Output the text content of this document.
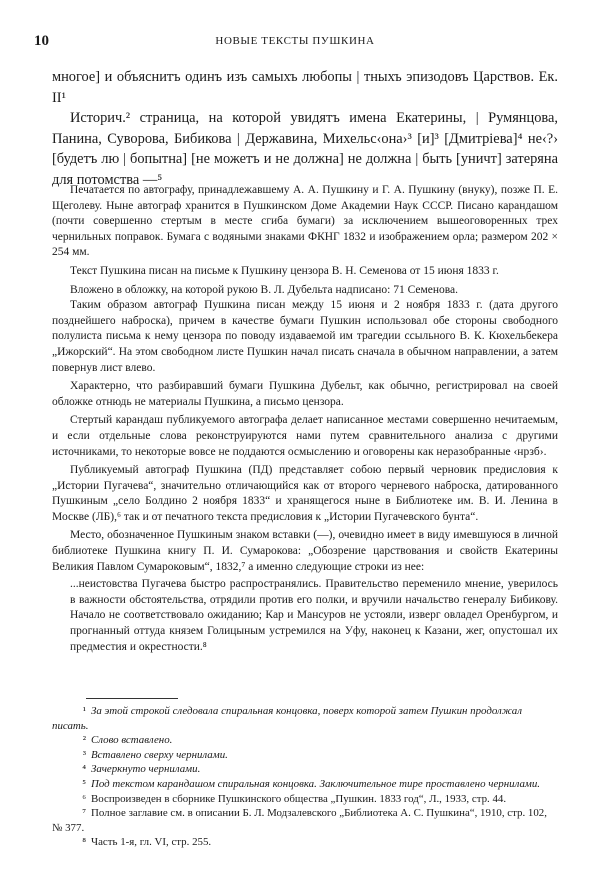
10	НОВЫЕ ТЕКСТЫ ПУШКИНА

многое] и объяснитъ одинъ изъ самыхъ любопы | тныхъ эпизодовъ Царствов. Ек. II¹

Историч.² страница, на которой увидятъ имена Екатерины, | Румянцова, Панина, Суворова, Бибикова | Державина, Михельс‹она›³ [и]³ [Дмитріева]⁴ не‹?› [будетъ лю | бопытна] [не можетъ и не должна] не должна | быть [уничт] затеряна для потомства —⁵

Печатается по автографу, принадлежавшему А. А. Пушкину и Г. А. Пушкину (внуку), позже П. Е. Щеголеву. Ныне автограф хранится в Пушкинском Доме Академии Наук СССР. Писано карандашом (почти совершенно стертым в месте сгиба бумаги) за исключением вышеоговоренных трех чернильных поправок. Бумага с водяными знаками ФКНГ 1832 и изображением орла; размером 202 × 254 мм.

Текст Пушкина писан на письме к Пушкину цензора В. Н. Семенова от 15 июня 1833 г.

Вложено в обложку, на которой рукою В. Л. Дубельта надписано: 71 Семенова.

Таким образом автограф Пушкина писан между 15 июня и 2 ноября 1833 г. (дата другого позднейшего наброска), причем в качестве бумаги Пушкин использовал обе стороны свободного полулиста письма к нему цензора по поводу издаваемой им трагедии ссыльного В. К. Кюхельбекера „Ижорский“. На этом свободном листе Пушкин начал писать сначала в обычном направлении, а затем повернув лист влево.

Характерно, что разбиравший бумаги Пушкина Дубельт, как обычно, регистрировал на своей обложке отнюдь не материалы Пушкина, а письмо цензора.

Стертый карандаш публикуемого автографа делает написанное местами совершенно нечитаемым, и если отдельные слова реконструируются нами путем сравнительного анализа с другими источниками, то некоторые вовсе не поддаются осмыслению и оговорены как неразобранные ‹нрзб›.

Публикуемый автограф Пушкина (ПД) представляет собою первый черновик предисловия к „Истории Пугачева“, значительно отличающийся как от второго черневого наброска, датированного Пушкиным „село Болдино 2 ноября 1833“ и хранящегося ныне в Библиотеке им. В. И. Ленина в Москве (ЛБ),⁶ так и от печатного текста предисловия к „Истории Пугачевского бунта“.

Место, обозначенное Пушкиным знаком вставки (—), очевидно имеет в виду имевшуюся в личной библиотеке Пушкина книгу П. И. Сумарокова: „Обозрение царствования и свойств Екатерины Великия Павлом Сумароковым“, 1832,⁷ а именно следующие строки из нее:

...неистовства Пугачева быстро распространялись. Правительство переменило мнение, уверилось в важности обстоятельства, отрядили против его полки, и вручили начальство генералу Бибикову. Начало не соответствовало ожиданию; Кар и Мансуров не устояли, изверг овладел Оренбургом, и прогнанный оттуда князем Голицыным устремился на Уфу, наконец к Казани, жег, опустошал их предместия и окрестности.⁸

¹ За этой строкой следовала спиральная концовка, поверх которой затем Пушкин продолжал писать.

² Слово вставлено.

³ Вставлено сверху чернилами.

⁴ Зачеркнуто чернилами.

⁵ Под текстом карандашом спиральная концовка. Заключительное тире проставлено чернилами.

⁶ Воспроизведен в сборнике Пушкинского общества „Пушкин. 1833 год“, Л., 1933, стр. 44.

⁷ Полное заглавие см. в описании Б. Л. Модзалевского „Библиотека А. С. Пушкина“, 1910, стр. 102, № 377.

⁸ Часть 1-я, гл. VI, стр. 255.
